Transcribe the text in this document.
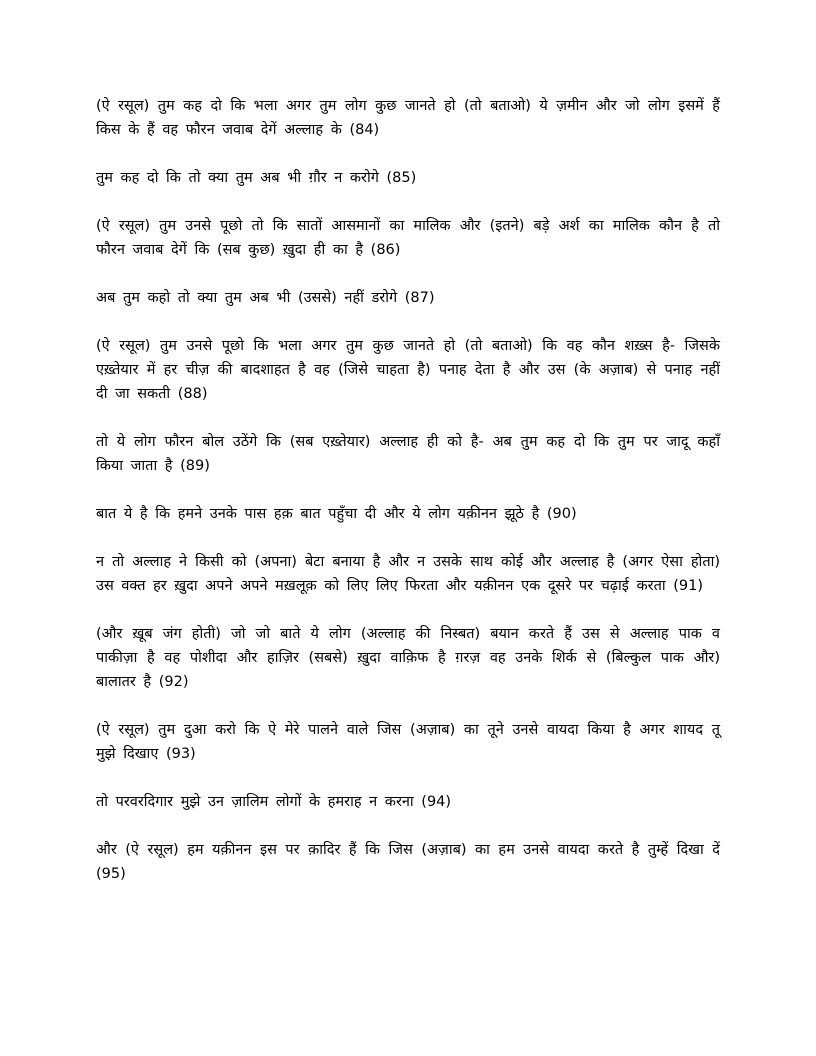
(ऐ रसूल) तुम कह दो कि भला अगर तुम लोग कुछ जानते हो (तो बताओ) ये ज़मीन और जो लोग इसमें हैं किस के हैं वह फौरन जवाब देगें अल्लाह के (84)

तुम कह दो कि तो क्या तुम अब भी ग़ौर न करोगे (85)

(ऐ रसूल) तुम उनसे पूछो तो कि सातों आसमानों का मालिक और (इतने) बड़े अर्श का मालिक कौन है तो फौरन जवाब देगें कि (सब कुछ) ख़ुदा ही का है (86)

अब तुम कहो तो क्या तुम अब भी (उससे) नहीं डरोगे (87)

(ऐ रसूल) तुम उनसे पूछो कि भला अगर तुम कुछ जानते हो (तो बताओ) कि वह कौन शख़्स है- जिसके एख़्तेयार में हर चीज़ की बादशाहत है वह (जिसे चाहता है) पनाह देता है और उस (के अज़ाब) से पनाह नहीं दी जा सकती (88)

तो ये लोग फौरन बोल उठेंगे कि (सब एख़्तेयार) अल्लाह ही को है- अब तुम कह दो कि तुम पर जादू कहाँ किया जाता है (89)

बात ये है कि हमने उनके पास हक़ बात पहुँचा दी और ये लोग यक़ीनन झूठे है (90)

न तो अल्लाह ने किसी को (अपना) बेटा बनाया है और न उसके साथ कोई और अल्लाह है (अगर ऐसा होता) उस वक्त हर ख़ुदा अपने अपने मख़लूक़ को लिए लिए फिरता और यक़ीनन एक दूसरे पर चढ़ाई करता (91)

(और ख़ूब जंग होती) जो जो बाते ये लोग (अल्लाह की निस्बत) बयान करते हैं उस से अल्लाह पाक व पाकीज़ा है वह पोशीदा और हाज़िर (सबसे) ख़ुदा वाक़िफ है ग़रज़ वह उनके शिर्क से (बिल्कुल पाक और) बालातर है (92)

(ऐ रसूल) तुम दुआ करो कि ऐ मेरे पालने वाले जिस (अज़ाब) का तूने उनसे वायदा किया है अगर शायद तू मुझे दिखाए (93)

तो परवरदिगार मुझे उन ज़ालिम लोगों के हमराह न करना (94)

और (ऐ रसूल) हम यक़ीनन इस पर क़ादिर हैं कि जिस (अज़ाब) का हम उनसे वायदा करते है तुम्हें दिखा दें (95)
